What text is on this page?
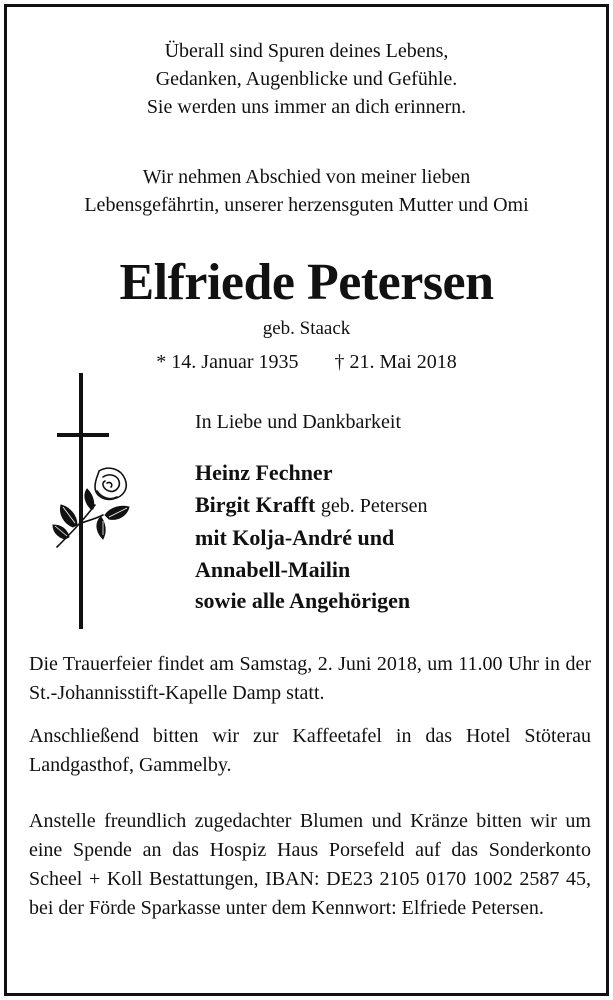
Überall sind Spuren deines Lebens,
Gedanken, Augenblicke und Gefühle.
Sie werden uns immer an dich erinnern.
Wir nehmen Abschied von meiner lieben
Lebensgefährtin, unserer herzensguten Mutter und Omi
Elfriede Petersen
geb. Staack
* 14. Januar 1935 † 21. Mai 2018
In Liebe und Dankbarkeit
Heinz Fechner
Birgit Krafft geb. Petersen
mit Kolja-André und
Annabell-Mailin
sowie alle Angehörigen
Die Trauerfeier findet am Samstag, 2. Juni 2018, um 11.00 Uhr in der St.-Johannisstift-Kapelle Damp statt.
Anschließend bitten wir zur Kaffeetafel in das Hotel Stöterau Landgasthof, Gammelby.
Anstelle freundlich zugedachter Blumen und Kränze bitten wir um eine Spende an das Hospiz Haus Porsefeld auf das Sonderkonto Scheel + Koll Bestattungen, IBAN: DE23 2105 0170 1002 2587 45, bei der Förde Sparkasse unter dem Kennwort: Elfriede Petersen.
